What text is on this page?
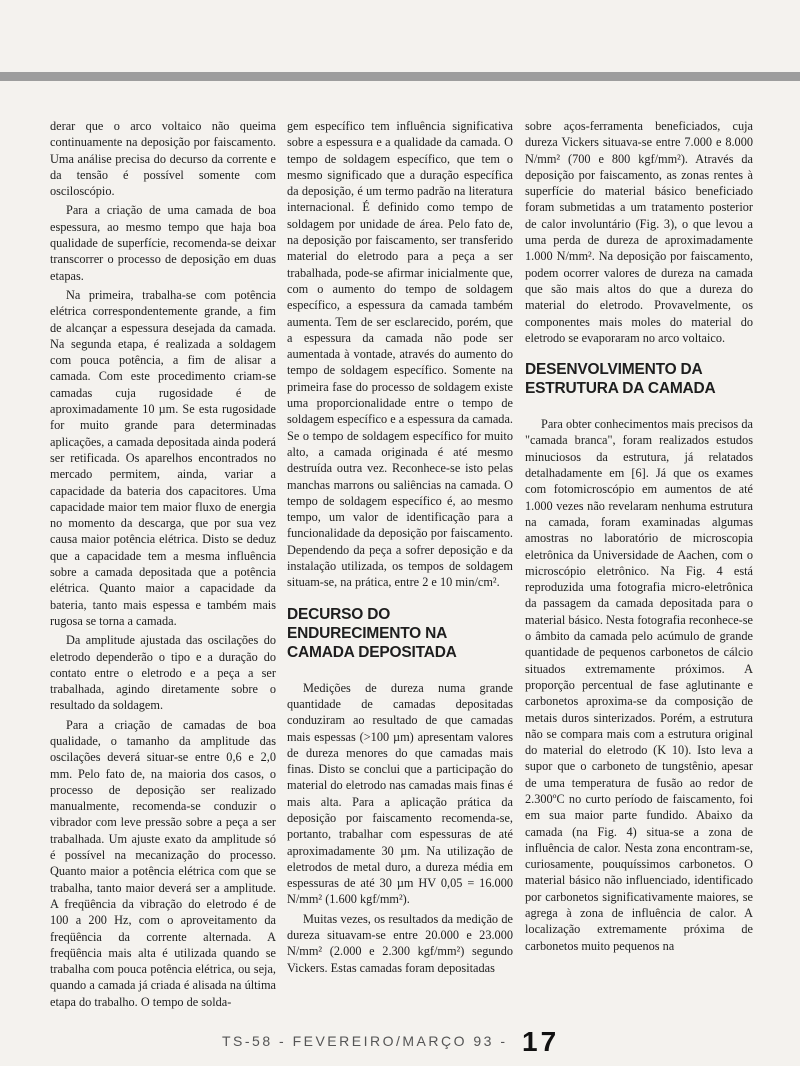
derar que o arco voltaico não queima continuamente na deposição por faiscamento. Uma análise precisa do decurso da corrente e da tensão é possível somente com osciloscópio.

Para a criação de uma camada de boa espessura, ao mesmo tempo que haja boa qualidade de superfície, recomenda-se deixar transcorrer o processo de deposição em duas etapas.

Na primeira, trabalha-se com potência elétrica correspondentemente grande, a fim de alcançar a espessura desejada da camada. Na segunda etapa, é realizada a soldagem com pouca potência, a fim de alisar a camada. Com este procedimento criam-se camadas cuja rugosidade é de aproximadamente 10 µm. Se esta rugosidade for muito grande para determinadas aplicações, a camada depositada ainda poderá ser retificada. Os aparelhos encontrados no mercado permitem, ainda, variar a capacidade da bateria dos capacitores. Uma capacidade maior tem maior fluxo de energia no momento da descarga, que por sua vez causa maior potência elétrica. Disto se deduz que a capacidade tem a mesma influência sobre a camada depositada que a potência elétrica. Quanto maior a capacidade da bateria, tanto mais espessa e também mais rugosa se torna a camada.

Da amplitude ajustada das oscilações do eletrodo dependerão o tipo e a duração do contato entre o eletrodo e a peça a ser trabalhada, agindo diretamente sobre o resultado da soldagem.

Para a criação de camadas de boa qualidade, o tamanho da amplitude das oscilações deverá situar-se entre 0,6 e 2,0 mm. Pelo fato de, na maioria dos casos, o processo de deposição ser realizado manualmente, recomenda-se conduzir o vibrador com leve pressão sobre a peça a ser trabalhada. Um ajuste exato da amplitude só é possível na mecanização do processo. Quanto maior a potência elétrica com que se trabalha, tanto maior deverá ser a amplitude. A freqüência da vibração do eletrodo é de 100 a 200 Hz, com o aproveitamento da freqüência da corrente alternada. A freqüência mais alta é utilizada quando se trabalha com pouca potência elétrica, ou seja, quando a camada já criada é alisada na última etapa do trabalho. O tempo de solda-

gem específico tem influência significativa sobre a espessura e a qualidade da camada. O tempo de soldagem específico, que tem o mesmo significado que a duração específica da deposição, é um termo padrão na literatura internacional. É definido como tempo de soldagem por unidade de área. Pelo fato de, na deposição por faiscamento, ser transferido material do eletrodo para a peça a ser trabalhada, pode-se afirmar inicialmente que, com o aumento do tempo de soldagem específico, a espessura da camada também aumenta. Tem de ser esclarecido, porém, que a espessura da camada não pode ser aumentada à vontade, através do aumento do tempo de soldagem específico. Somente na primeira fase do processo de soldagem existe uma proporcionalidade entre o tempo de soldagem específico e a espessura da camada. Se o tempo de soldagem específico for muito alto, a camada originada é até mesmo destruída outra vez. Reconhece-se isto pelas manchas marrons ou saliências na camada. O tempo de soldagem específico é, ao mesmo tempo, um valor de identificação para a funcionalidade da deposição por faiscamento. Dependendo da peça a sofrer deposição e da instalação utilizada, os tempos de soldagem situam-se, na prática, entre 2 e 10 min/cm².

DECURSO DO ENDURECIMENTO NA CAMADA DEPOSITADA

Medições de dureza numa grande quantidade de camadas depositadas conduziram ao resultado de que camadas mais espessas (>100 µm) apresentam valores de dureza menores do que camadas mais finas. Disto se conclui que a participação do material do eletrodo nas camadas mais finas é mais alta. Para a aplicação prática da deposição por faiscamento recomenda-se, portanto, trabalhar com espessuras de até aproximadamente 30 µm. Na utilização de eletrodos de metal duro, a dureza média em espessuras de até 30 µm HV 0,05 = 16.000 N/mm² (1.600 kgf/mm²).

Muitas vezes, os resultados da medição de dureza situavam-se entre 20.000 e 23.000 N/mm² (2.000 e 2.300 kgf/mm²) segundo Vickers. Estas camadas foram depositadas

sobre aços-ferramenta beneficiados, cuja dureza Vickers situava-se entre 7.000 e 8.000 N/mm² (700 e 800 kgf/mm²). Através da deposição por faiscamento, as zonas rentes à superfície do material básico beneficiado foram submetidas a um tratamento posterior de calor involuntário (Fig. 3), o que levou a uma perda de dureza de aproximadamente 1.000 N/mm². Na deposição por faiscamento, podem ocorrer valores de dureza na camada que são mais altos do que a dureza do material do eletrodo. Provavelmente, os componentes mais moles do material do eletrodo se evaporaram no arco voltaico.

DESENVOLVIMENTO DA ESTRUTURA DA CAMADA

Para obter conhecimentos mais precisos da "camada branca", foram realizados estudos minuciosos da estrutura, já relatados detalhadamente em [6]. Já que os exames com fotomicroscópio em aumentos de até 1.000 vezes não revelaram nenhuma estrutura na camada, foram examinadas algumas amostras no laboratório de microscopia eletrônica da Universidade de Aachen, com o microscópio eletrônico. Na Fig. 4 está reproduzida uma fotografia micro-eletrônica da passagem da camada depositada para o material básico. Nesta fotografia reconhece-se o âmbito da camada pelo acúmulo de grande quantidade de pequenos carbonetos de cálcio situados extremamente próximos. A proporção percentual de fase aglutinante e carbonetos aproxima-se da composição de metais duros sinterizados. Porém, a estrutura não se compara mais com a estrutura original do material do eletrodo (K 10). Isto leva a supor que o carboneto de tungstênio, apesar de uma temperatura de fusão ao redor de 2.300ºC no curto período de faiscamento, foi em sua maior parte fundido. Abaixo da camada (na Fig. 4) situa-se a zona de influência de calor. Nesta zona encontram-se, curiosamente, pouquíssimos carbonetos. O material básico não influenciado, identificado por carbonetos significativamente maiores, se agrega à zona de influência de calor. A localização extremamente próxima de carbonetos muito pequenos na

TS-58 - FEVEREIRO/MARÇO 93 - 17
